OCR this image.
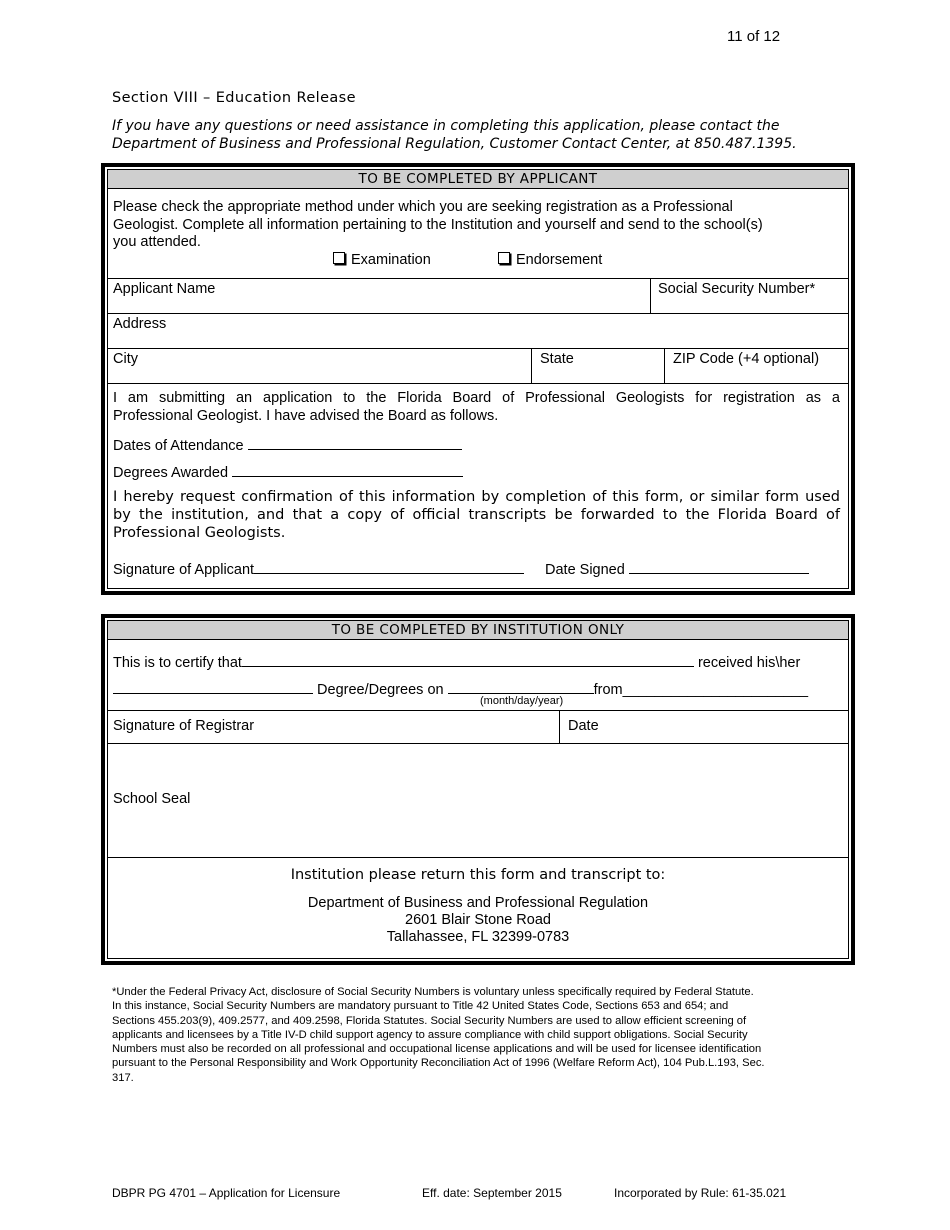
11 of 12
Section VIII – Education Release
If you have any questions or need assistance in completing this application, please contact the
Department of Business and Professional Regulation, Customer Contact Center, at 850.487.1395.
TO BE COMPLETED BY APPLICANT
Please check the appropriate method under which you are seeking registration as a Professional
Geologist. Complete all information pertaining to the Institution and yourself and send to the school(s)
you attended.
Examination	Endorsement
Applicant Name	Social Security Number*
Address
City	State	ZIP Code (+4 optional)
I am submitting an application to the Florida Board of Professional Geologists for registration as a
Professional Geologist. I have advised the Board as follows.
Dates of Attendance
Degrees Awarded
I hereby request confirmation of this information by completion of this form, or similar form used
by the institution, and that a copy of official transcripts be forwarded to the Florida Board of
Professional Geologists.
Signature of Applicant	Date Signed
TO BE COMPLETED BY INSTITUTION ONLY
This is to certify that	received his\her
Degree/Degrees on	from_______________________
(month/day/year)
Signature of Registrar	Date
School Seal
Institution please return this form and transcript to:
Department of Business and Professional Regulation
2601 Blair Stone Road
Tallahassee, FL 32399-0783
*Under the Federal Privacy Act, disclosure of Social Security Numbers is voluntary unless specifically required by Federal Statute.
In this instance, Social Security Numbers are mandatory pursuant to Title 42 United States Code, Sections 653 and 654; and
Sections 455.203(9), 409.2577, and 409.2598, Florida Statutes. Social Security Numbers are used to allow efficient screening of
applicants and licensees by a Title IV-D child support agency to assure compliance with child support obligations. Social Security
Numbers must also be recorded on all professional and occupational license applications and will be used for licensee identification
pursuant to the Personal Responsibility and Work Opportunity Reconciliation Act of 1996 (Welfare Reform Act), 104 Pub.L.193, Sec.
317.
DBPR PG 4701 – Application for Licensure	Eff. date: September 2015	Incorporated by Rule: 61-35.021
